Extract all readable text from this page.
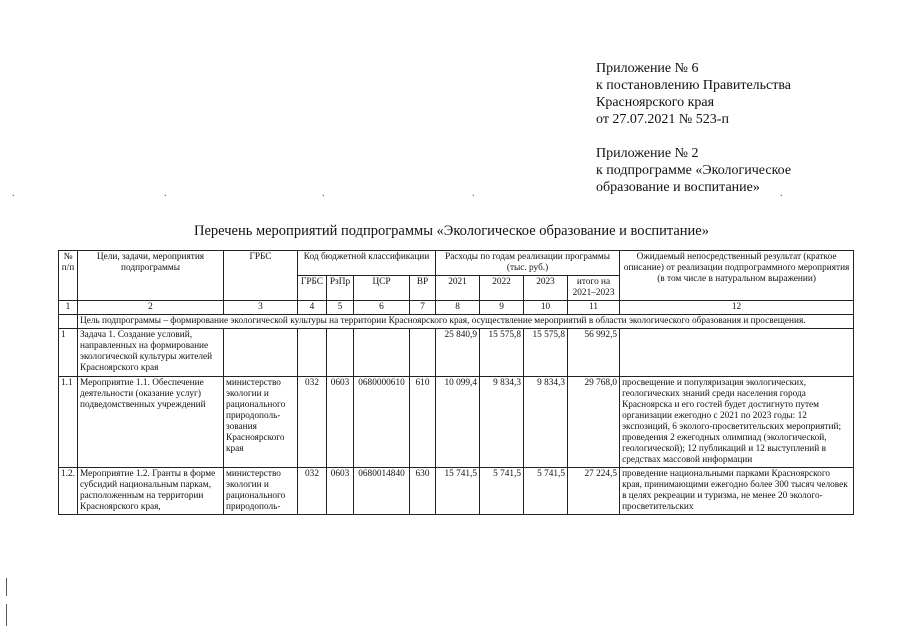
Приложение № 6
к постановлению Правительства
Красноярского края
от 27.07.2021 № 523-п
Приложение № 2
к подпрограмме «Экологическое
образование и воспитание»
.	.	.	.	.
Перечень мероприятий подпрограммы «Экологическое образование и воспитание»
№ п/п	Цели, задачи, мероприятия подпрограммы	ГРБС	Код бюджетной классификации				Расходы по годам реализации программы (тыс. руб.)				Ожидаемый непосредственный результат (краткое описание) от реализации подпрограммного мероприятия (в том числе в натуральном выражении)
			ГРБС	РзПр	ЦСР	ВР	2021	2022	2023	итого на 2021–2023	
1	2	3	4	5	6	7	8	9	10	11	12
	Цель подпрограммы – формирование экологической культуры на территории Красноярского края, осуществление мероприятий в области экологического образования и просвещения.										
1	Задача 1. Создание условий, направленных на формирование экологической культуры жителей Красноярского края						25 840,9	15 575,8	15 575,8	56 992,5	
1.1	Мероприятие 1.1. Обеспечение деятельности (оказание услуг) подведомственных учреждений	министерство экологии и рационального природополь-зования Красноярского края	032	0603	0680000610	610	10 099,4	9 834,3	9 834,3	29 768,0	просвещение и популяризация экологических, геологических знаний среди населения города Красноярска и его гостей будет достигнуто путем организации ежегодно с 2021 по 2023 годы: 12 экспозиций, 6 эколого-просветительских мероприятий; проведения 2 ежегодных олимпиад (экологической, геологической); 12 публикаций и 12 выступлений в средствах массовой информации
1.2.	Мероприятие 1.2. Гранты в форме субсидий национальным паркам, расположенным на территории Красноярского края,	министерство экологии и рационального природополь-	032	0603	0680014840	630	15 741,5	5 741,5	5 741,5	27 224,5	проведение национальными парками Красноярского края, принимающими ежегодно более 300 тысяч человек в целях рекреации и туризма, не менее 20 эколого-просветительских
